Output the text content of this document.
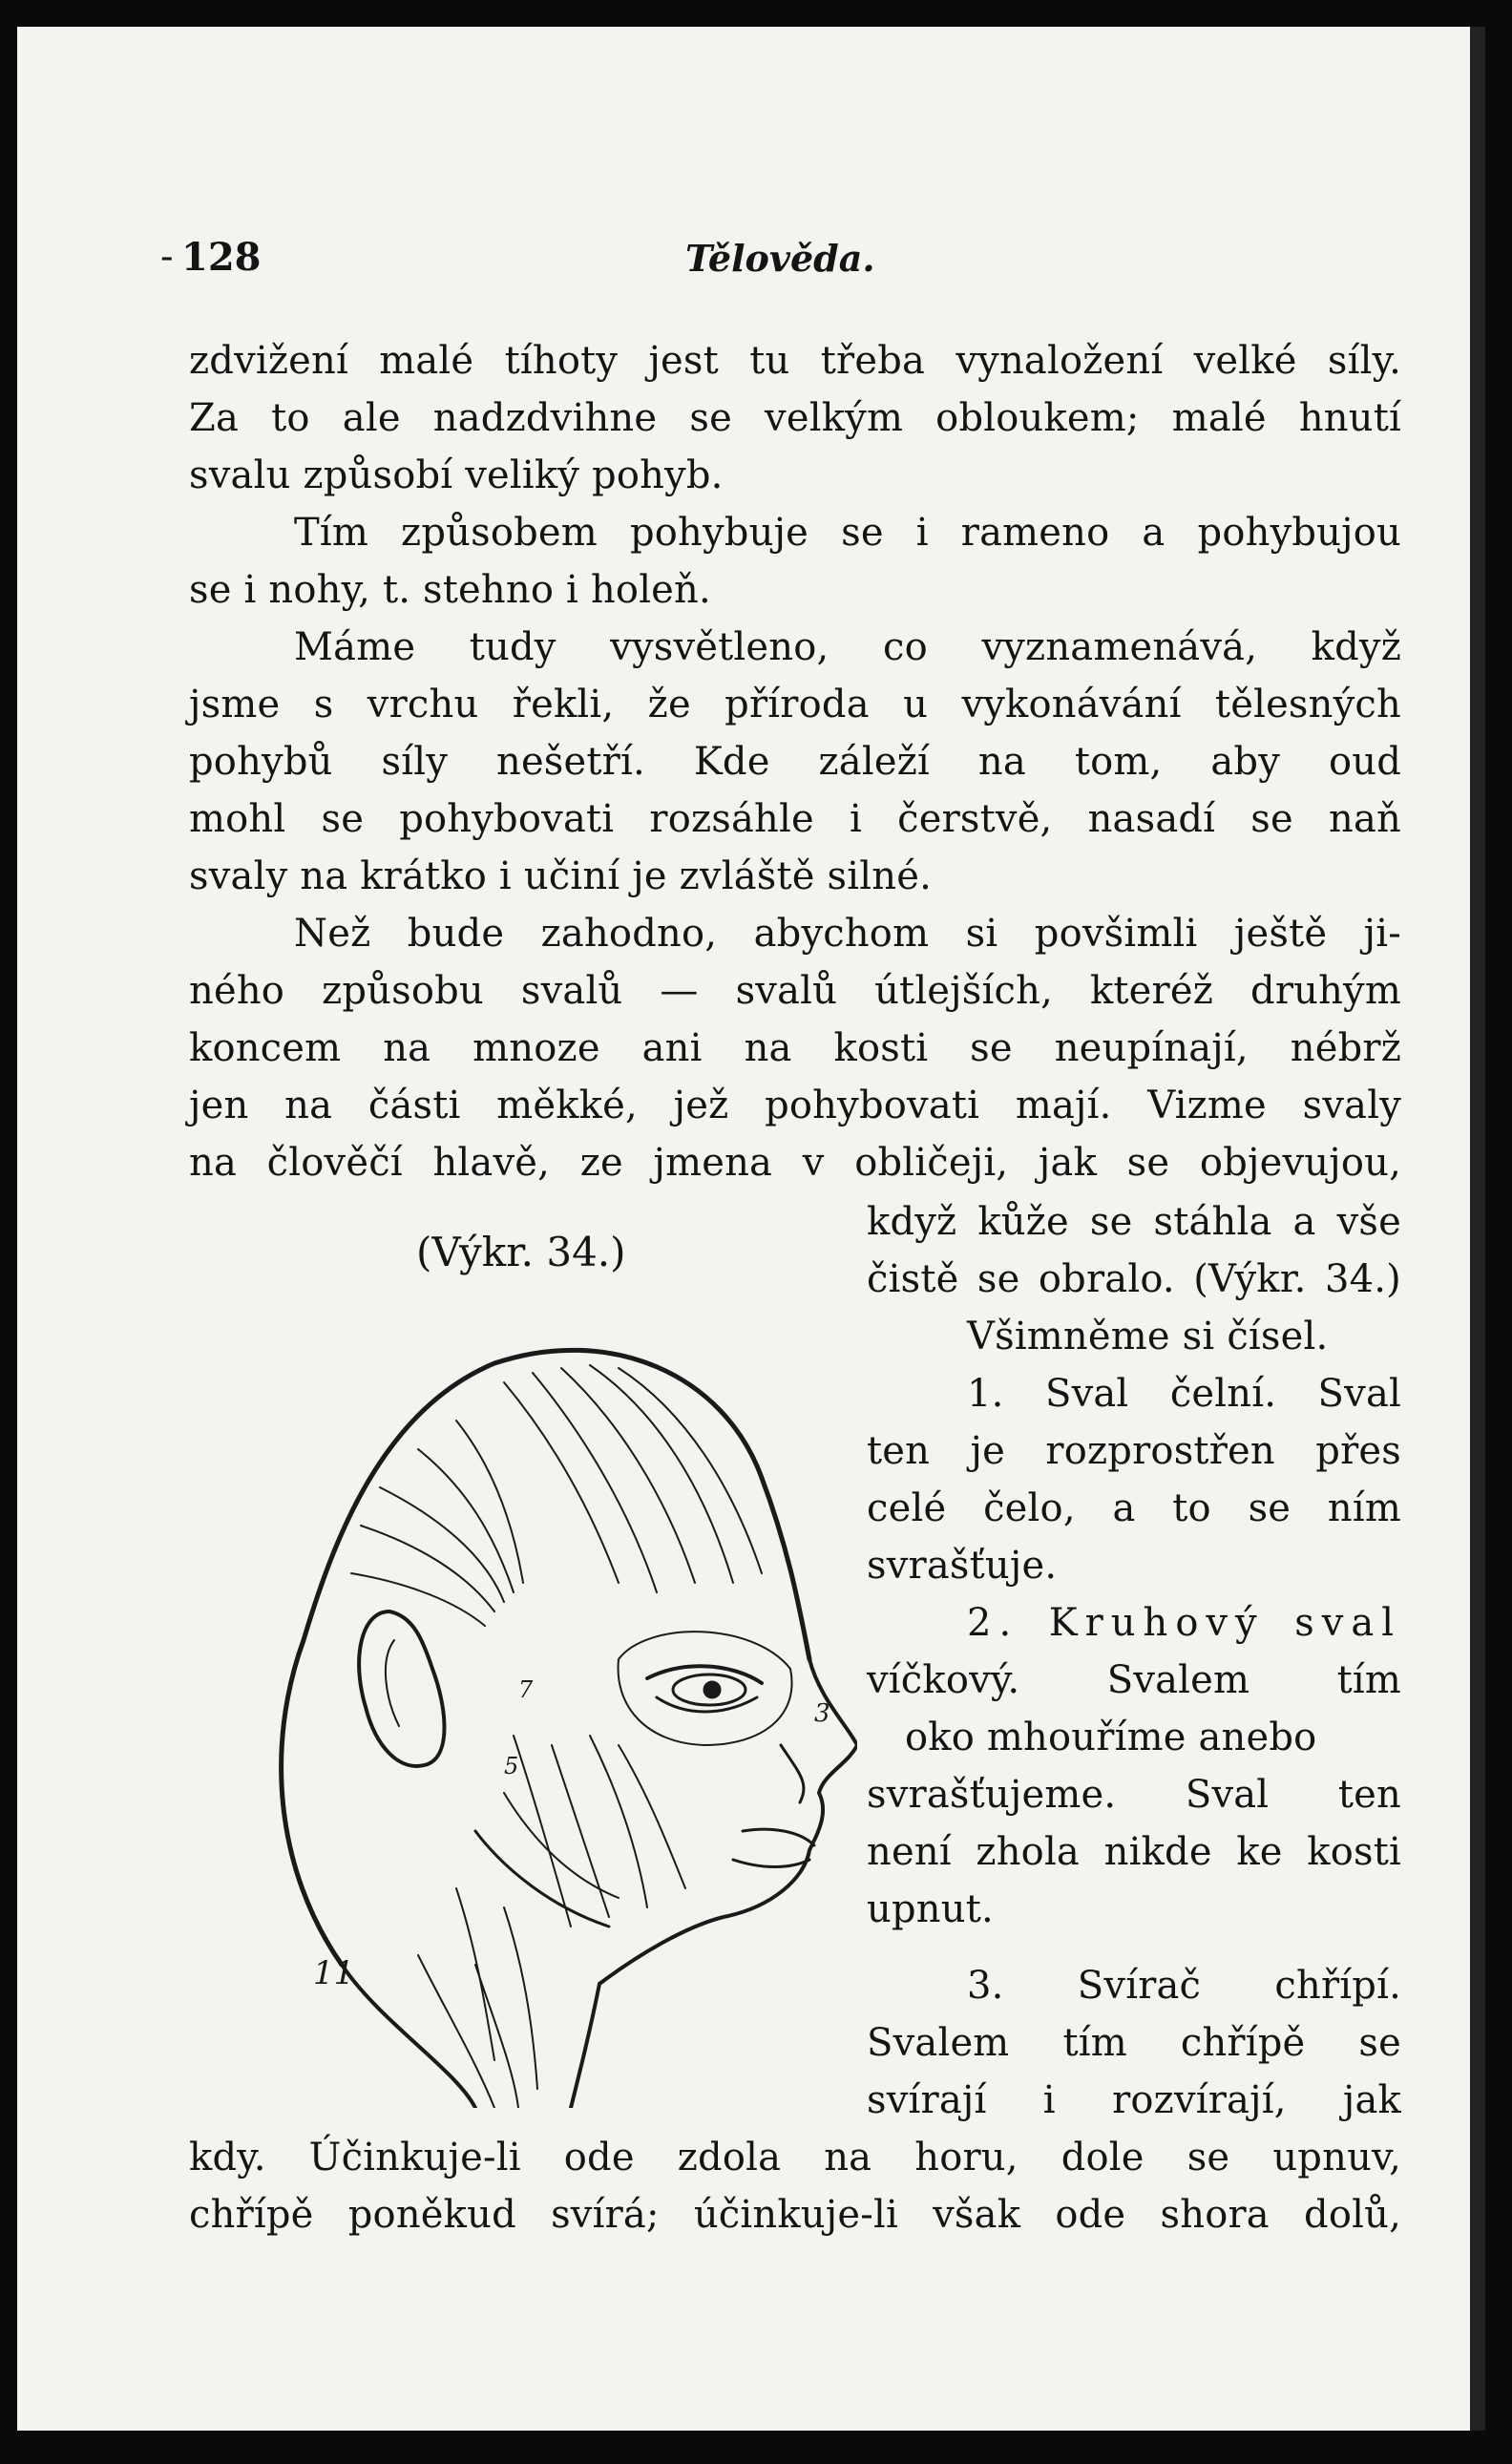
- 128	Tělověda.
zdvižení malé tíhoty jest tu třeba vynaložení velké síly.
Za to ale nadzdvihne se velkým obloukem; malé hnutí
svalu způsobí veliký pohyb.
Tím způsobem pohybuje se i rameno a pohybujou
se i nohy, t. stehno i holeň.
Máme tudy vysvětleno, co vyznamenává, když
jsme s vrchu řekli, že příroda u vykonávání tělesných
pohybů síly nešetří. Kde záleží na tom, aby oud
mohl se pohybovati rozsáhle i čerstvě, nasadí se naň
svaly na krátko i učiní je zvláště silné.
Než bude zahodno, abychom si povšimli ještě ji-
ného způsobu svalů — svalů útlejších, kteréž druhým
koncem na mnoze ani na kosti se neupínají, nébrž
jen na části měkké, jež pohybovati mají. Vizme svaly
na člověčí hlavě, ze jmena v obličeji, jak se objevujou,
(Výkr. 34.)
když kůže se stáhla a vše
čistě se obralo. (Výkr. 34.)
Všimněme si čísel.
1. Sval čelní. Sval
ten je rozprostřen přes
celé čelo, a to se ním
svrašťuje.
2. Kruhový sval
víčkový. Svalem tím
oko mhouříme anebo
svrašťujeme. Sval ten
není zhola nikde ke kosti
upnut.
3. Svírač chřípí.
Svalem tím chřípě se
svírají i rozvírají, jak
kdy. Účinkuje-li ode zdola na horu, dole se upnuv,
chřípě poněkud svírá; účinkuje-li však ode shora dolů,
11
3
5
7
